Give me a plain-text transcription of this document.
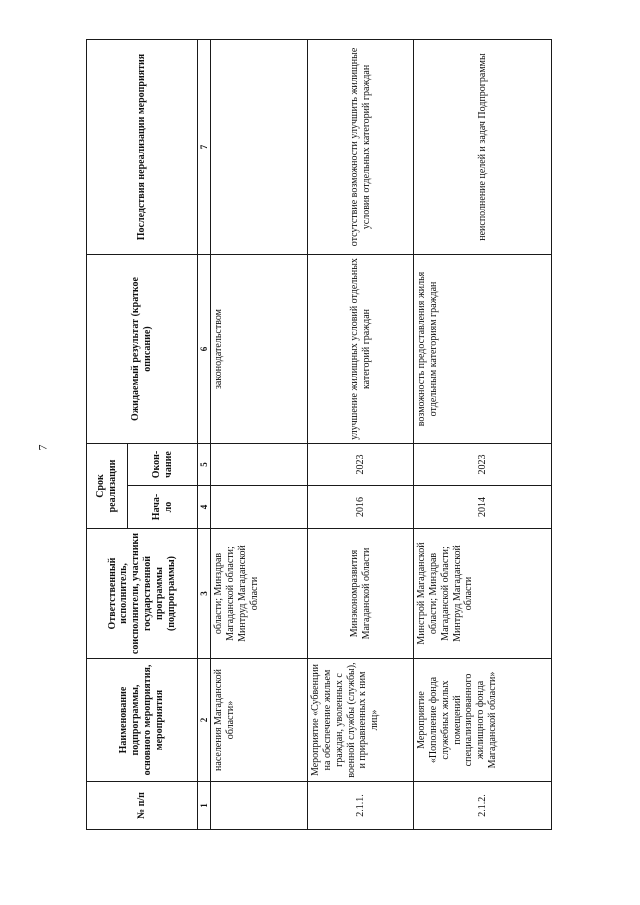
7
№ п/п	Наименование подпрограммы, основного мероприятия, мероприятия	Ответственный исполнитель, соисполнители, участники государственной программы (подпрограммы)	Срок реализации		Ожидаемый результат (краткое описание)	Последствия нереализации мероприятия
			Нача-ло	Окон-чание		
1	2	3	4	5	6	7
	населения Магаданской области»	области; Минздрав Магаданской области; Минтруд Магаданской области			законодательством	
2.1.1.	Мероприятие «Субвенции на обеспечение жильем граждан, уволенных с военной службы (службы), и приравненных к ним лиц»	Минэкономразвития Магаданской области	2016	2023	улучшение жилищных условий отдельных категорий граждан	отсутствие возможности улучшить жилищные условия отдельных категорий граждан
2.1.2.	Мероприятие «Пополнение фонда служебных жилых помещений специализированного жилищного фонда Магаданской области»	Минстрой Магаданской области; Минздрав Магаданской области; Минтруд Магаданской области	2014	2023	возможность предоставления жилья отдельным категориям граждан	неисполнение целей и задач Подпрограммы
